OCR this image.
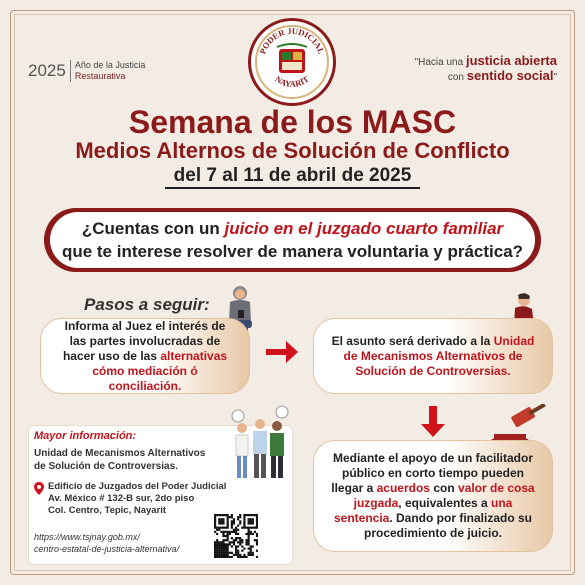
2025 Año de la Justicia
Restaurativa
PODER JUDICIAL
NAYARIT
"Hacia una justicia abierta
con sentido social"
Semana de los MASC
Medios Alternos de Solución de Conflicto
del 7 al 11 de abril de 2025
¿Cuentas con un juicio en el juzgado cuarto familiar
que te interese resolver de manera voluntaria y práctica?
Pasos a seguir:
Informa al Juez el interés de las partes involucradas de hacer uso de las alternativas cómo mediación ó conciliación.
El asunto será derivado a la Unidad de Mecanismos Alternativos de Solución de Controversias.
Mediante el apoyo de un facilitador público en corto tiempo pueden llegar a acuerdos con valor de cosa juzgada, equivalentes a una sentencia. Dando por finalizado su procedimiento de juicio.
Mayor información:
Unidad de Mecanismos Alternativos
de Solución de Controversias.
Edificio de Juzgados del Poder Judicial
Av. México # 132-B sur, 2do piso
Col. Centro, Tepic, Nayarit
https://www.tsjnay.gob.mx/
centro-estatal-de-justicia-alternativa/
